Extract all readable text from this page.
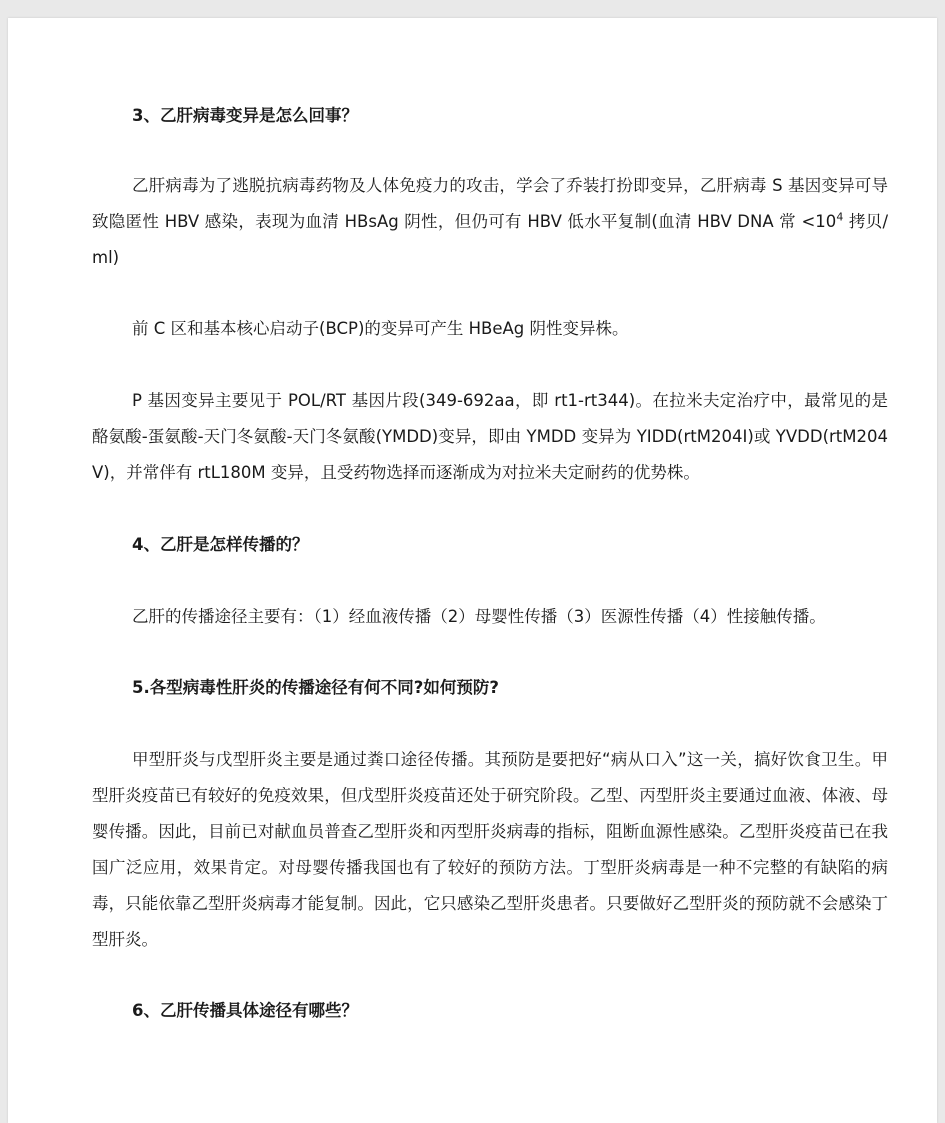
3、乙肝病毒变异是怎么回事？
乙肝病毒为了逃脱抗病毒药物及人体免疫力的攻击，学会了乔装打扮即变异，乙肝病毒 S 基因变异可导致隐匿性 HBV 感染，表现为血清 HBsAg 阴性，但仍可有 HBV 低水平复制(血清 HBV DNA 常 $<10^4$ 拷贝/ml)
前 C 区和基本核心启动子(BCP)的变异可产生 HBeAg 阴性变异株。
P 基因变异主要见于 POL/RT 基因片段(349-692aa，即 rt1-rt344)。在拉米夫定治疗中，最常见的是酪氨酸-蛋氨酸-天门冬氨酸-天门冬氨酸(YMDD)变异，即由 YMDD 变异为 YIDD(rtM204I)或 YVDD(rtM204V)，并常伴有 rtL180M 变异，且受药物选择而逐渐成为对拉米夫定耐药的优势株。
4、乙肝是怎样传播的？
乙肝的传播途径主要有：（1）经血液传播（2）母婴性传播（3）医源性传播（4）性接触传播。
5.各型病毒性肝炎的传播途径有何不同?如何预防?
甲型肝炎与戊型肝炎主要是通过粪口途径传播。其预防是要把好“病从口入”这一关，搞好饮食卫生。甲型肝炎疫苗已有较好的免疫效果，但戊型肝炎疫苗还处于研究阶段。乙型、丙型肝炎主要通过血液、体液、母婴传播。因此，目前已对献血员普查乙型肝炎和丙型肝炎病毒的指标，阻断血源性感染。乙型肝炎疫苗已在我国广泛应用，效果肯定。对母婴传播我国也有了较好的预防方法。丁型肝炎病毒是一种不完整的有缺陷的病毒，只能依靠乙型肝炎病毒才能复制。因此，它只感染乙型肝炎患者。只要做好乙型肝炎的预防就不会感染丁型肝炎。
6、乙肝传播具体途径有哪些？
